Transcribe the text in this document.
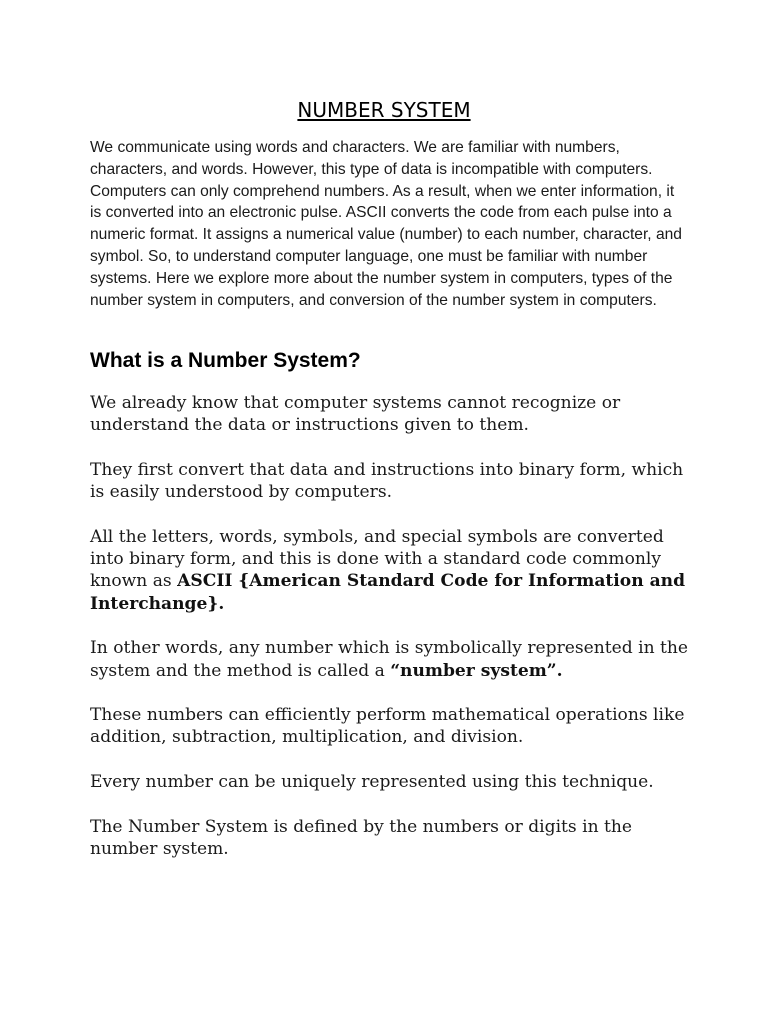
NUMBER SYSTEM

We communicate using words and characters. We are familiar with numbers, characters, and words. However, this type of data is incompatible with computers. Computers can only comprehend numbers. As a result, when we enter information, it is converted into an electronic pulse. ASCII converts the code from each pulse into a numeric format. It assigns a numerical value (number) to each number, character, and symbol. So, to understand computer language, one must be familiar with number systems. Here we explore more about the number system in computers, types of the number system in computers, and conversion of the number system in computers.

What is a Number System?

We already know that computer systems cannot recognize or understand the data or instructions given to them.

They first convert that data and instructions into binary form, which is easily understood by computers.

All the letters, words, symbols, and special symbols are converted into binary form, and this is done with a standard code commonly known as ASCII {American Standard Code for Information and Interchange}.

In other words, any number which is symbolically represented in the system and the method is called a “number system”.

These numbers can efficiently perform mathematical operations like addition, subtraction, multiplication, and division.

Every number can be uniquely represented using this technique.

The Number System is defined by the numbers or digits in the number system.
